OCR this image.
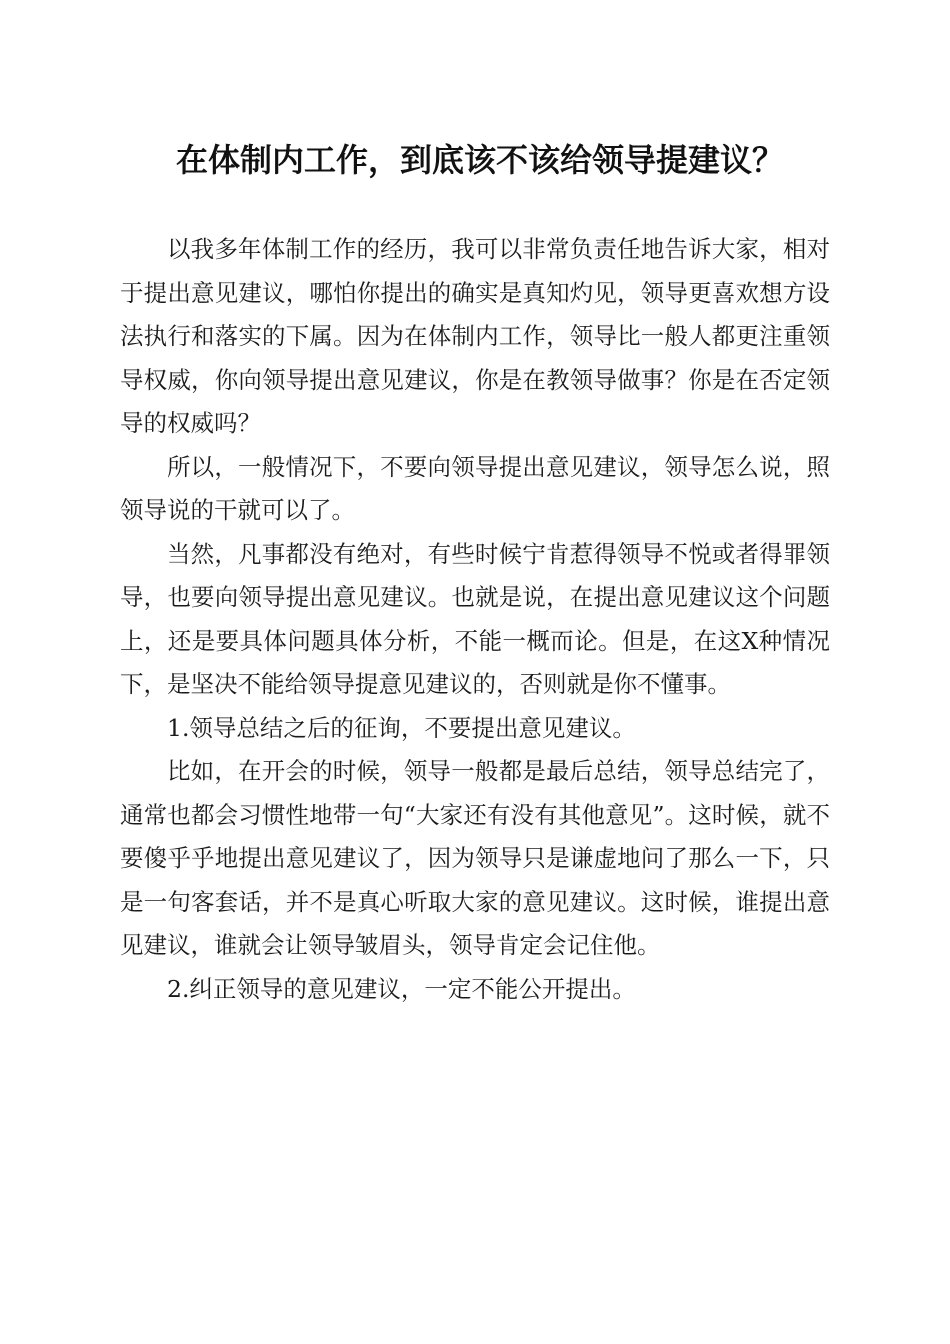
在体制内工作，到底该不该给领导提建议？

以我多年体制工作的经历，我可以非常负责任地告诉大家，相对于提出意见建议，哪怕你提出的确实是真知灼见，领导更喜欢想方设法执行和落实的下属。因为在体制内工作，领导比一般人都更注重领导权威，你向领导提出意见建议，你是在教领导做事？你是在否定领导的权威吗？

所以，一般情况下，不要向领导提出意见建议，领导怎么说，照领导说的干就可以了。

当然，凡事都没有绝对，有些时候宁肯惹得领导不悦或者得罪领导，也要向领导提出意见建议。也就是说，在提出意见建议这个问题上，还是要具体问题具体分析，不能一概而论。但是，在这X种情况下，是坚决不能给领导提意见建议的，否则就是你不懂事。

1.领导总结之后的征询，不要提出意见建议。

比如，在开会的时候，领导一般都是最后总结，领导总结完了，通常也都会习惯性地带一句“大家还有没有其他意见”。这时候，就不要傻乎乎地提出意见建议了，因为领导只是谦虚地问了那么一下，只是一句客套话，并不是真心听取大家的意见建议。这时候，谁提出意见建议，谁就会让领导皱眉头，领导肯定会记住他。

2.纠正领导的意见建议，一定不能公开提出。
